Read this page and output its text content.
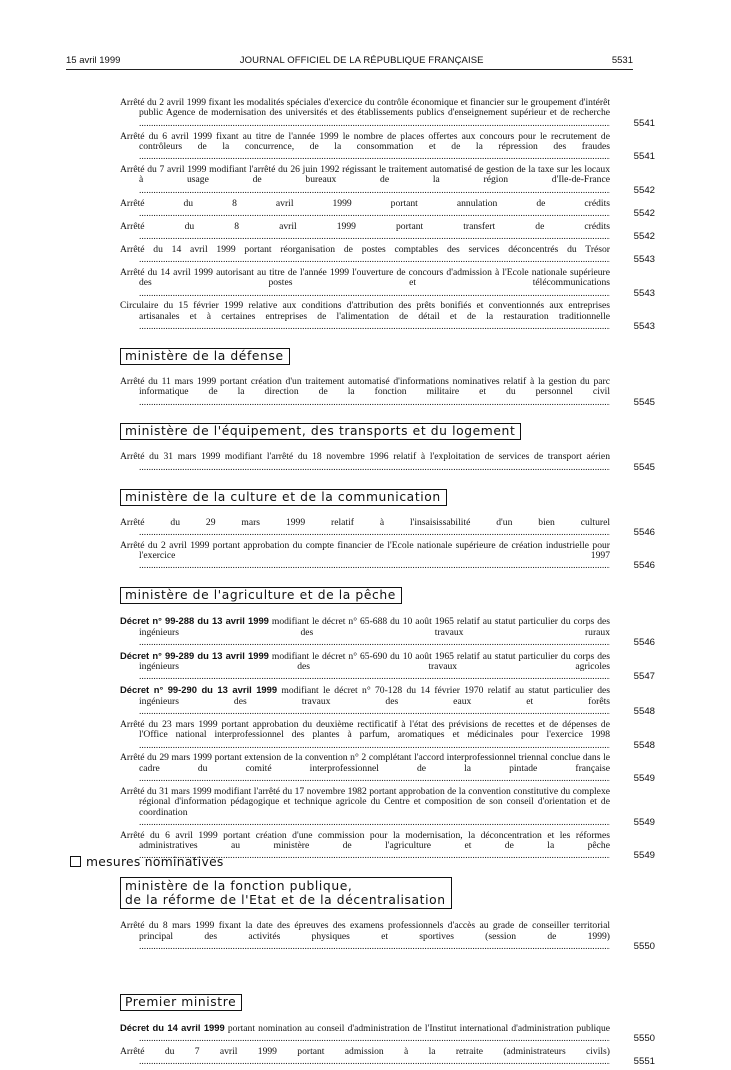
15 avril 1999	JOURNAL OFFICIEL DE LA RÉPUBLIQUE FRANÇAISE	5531
Arrêté du 2 avril 1999 fixant les modalités spéciales d'exercice du contrôle économique et financier sur le groupement d'intérêt public Agence de modernisation des universités et des établissements publics d'enseignement supérieur et de recherche .....
5541
Arrêté du 6 avril 1999 fixant au titre de l'année 1999 le nombre de places offertes aux concours pour le recrutement de contrôleurs de la concurrence, de la consommation et de la répression des fraudes .....
5541
Arrêté du 7 avril 1999 modifiant l'arrêté du 26 juin 1992 régissant le traitement automatisé de gestion de la taxe sur les locaux à usage de bureaux de la région d'Ile-de-France .....
5542
Arrêté du 8 avril 1999 portant annulation de crédits .....
5542
Arrêté du 8 avril 1999 portant transfert de crédits .....
5542
Arrêté du 14 avril 1999 portant réorganisation de postes comptables des services déconcentrés du Trésor .....
5543
Arrêté du 14 avril 1999 autorisant au titre de l'année 1999 l'ouverture de concours d'admission à l'Ecole nationale supérieure des postes et télécommunications .....
5543
Circulaire du 15 février 1999 relative aux conditions d'attribution des prêts bonifiés et conventionnés aux entreprises artisanales et à certaines entreprises de l'alimentation de détail et de la restauration traditionnelle .....
5543
ministère de la défense
Arrêté du 11 mars 1999 portant création d'un traitement automatisé d'informations nominatives relatif à la gestion du parc informatique de la direction de la fonction militaire et du personnel civil .....
5545
ministère de l'équipement, des transports et du logement
Arrêté du 31 mars 1999 modifiant l'arrêté du 18 novembre 1996 relatif à l'exploitation de services de transport aérien .....
5545
ministère de la culture et de la communication
Arrêté du 29 mars 1999 relatif à l'insaisissabilité d'un bien culturel .....
5546
Arrêté du 2 avril 1999 portant approbation du compte financier de l'Ecole nationale supérieure de création industrielle pour l'exercice 1997 .....
5546
ministère de l'agriculture et de la pêche
Décret n° 99-288 du 13 avril 1999 modifiant le décret n° 65-688 du 10 août 1965 relatif au statut particulier du corps des ingénieurs des travaux ruraux .....
5546
Décret n° 99-289 du 13 avril 1999 modifiant le décret n° 65-690 du 10 août 1965 relatif au statut particulier du corps des ingénieurs des travaux agricoles .....
5547
Décret n° 99-290 du 13 avril 1999 modifiant le décret n° 70-128 du 14 février 1970 relatif au statut particulier des ingénieurs des travaux des eaux et forêts .....
5548
Arrêté du 23 mars 1999 portant approbation du deuxième rectificatif à l'état des prévisions de recettes et de dépenses de l'Office national interprofessionnel des plantes à parfum, aromatiques et médicinales pour l'exercice 1998 .....
5548
Arrêté du 29 mars 1999 portant extension de la convention n° 2 complétant l'accord interprofessionnel triennal conclue dans le cadre du comité interprofessionnel de la pintade française .....
5549
Arrêté du 31 mars 1999 modifiant l'arrêté du 17 novembre 1982 portant approbation de la convention constitutive du complexe régional d'information pédagogique et technique agricole du Centre et composition de son conseil d'orientation et de coordination .....
5549
Arrêté du 6 avril 1999 portant création d'une commission pour la modernisation, la déconcentration et les réformes administratives au ministère de l'agriculture et de la pêche .....
5549
ministère de la fonction publique,
de la réforme de l'Etat et de la décentralisation
Arrêté du 8 mars 1999 fixant la date des épreuves des examens professionnels d'accès au grade de conseiller territorial principal des activités physiques et sportives (session de 1999) .....
5550
Premier ministre
Décret du 14 avril 1999 portant nomination au conseil d'administration de l'Institut international d'administration publique .....
5550
Arrêté du 7 avril 1999 portant admission à la retraite (administrateurs civils) .....
5551
mesures nominatives
